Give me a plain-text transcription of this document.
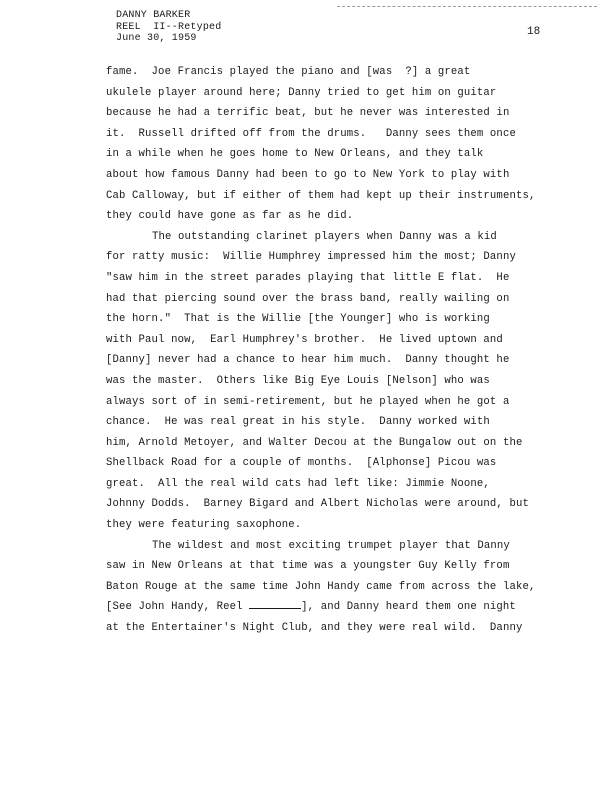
DANNY BARKER
REEL  II--Retyped
June 30, 1959
18
fame.  Joe Francis played the piano and [was  ?] a great
ukulele player around here; Danny tried to get him on guitar
because he had a terrific beat, but he never was interested in
it.  Russell drifted off from the drums.   Danny sees them once
in a while when he goes home to New Orleans, and they talk
about how famous Danny had been to go to New York to play with
Cab Calloway, but if either of them had kept up their instruments,
they could have gone as far as he did.
The outstanding clarinet players when Danny was a kid
for ratty music:  Willie Humphrey impressed him the most; Danny
"saw him in the street parades playing that little E flat.  He
had that piercing sound over the brass band, really wailing on
the horn."  That is the Willie [the Younger] who is working
with Paul now,  Earl Humphrey's brother.  He lived uptown and
[Danny] never had a chance to hear him much.  Danny thought he
was the master.  Others like Big Eye Louis [Nelson] who was
always sort of in semi-retirement, but he played when he got a
chance.  He was real great in his style.  Danny worked with
him, Arnold Metoyer, and Walter Decou at the Bungalow out on the
Shellback Road for a couple of months.  [Alphonse] Picou was
great.  All the real wild cats had left like: Jimmie Noone,
Johnny Dodds.  Barney Bigard and Albert Nicholas were around, but
they were featuring saxophone.
The wildest and most exciting trumpet player that Danny
saw in New Orleans at that time was a youngster Guy Kelly from
Baton Rouge at the same time John Handy came from across the lake,
[See John Handy, Reel	], and Danny heard them one night
at the Entertainer's Night Club, and they were real wild.  Danny
